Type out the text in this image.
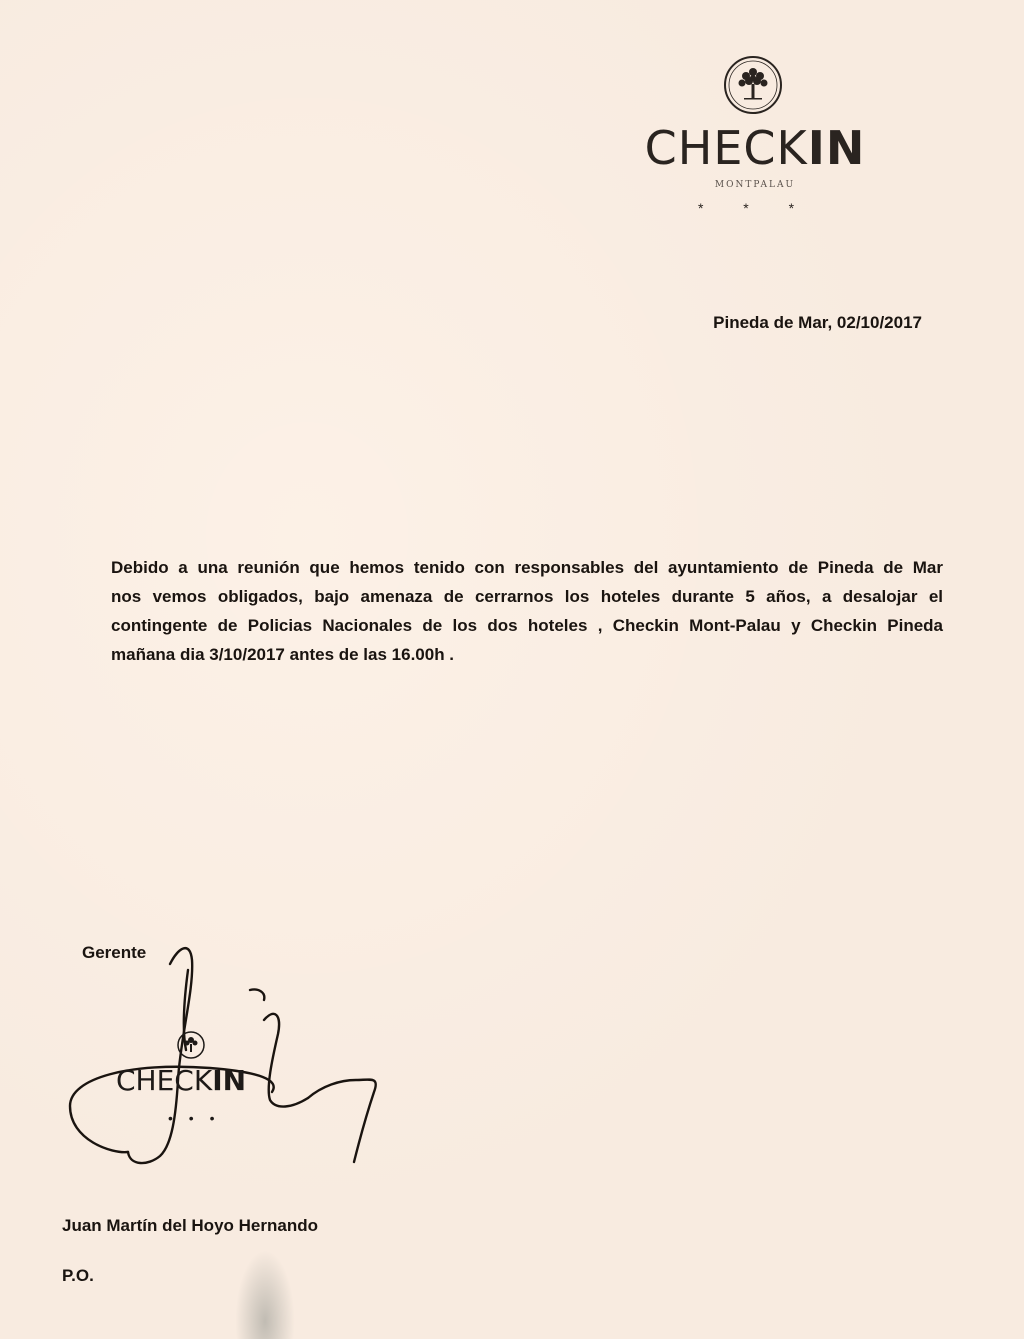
CHECKIN
MONTPALAU
* * *
Pineda de Mar, 02/10/2017
Debido a una reunión que hemos tenido con responsables del ayuntamiento de Pineda de Mar
nos vemos obligados, bajo amenaza de cerrarnos los hoteles durante 5 años, a desalojar el
contingente de Policias Nacionales de los dos hoteles , Checkin Mont-Palau y Checkin Pineda
mañana dia 3/10/2017 antes de las 16.00h .
Gerente
CHECKIN
• • •
Juan Martín del Hoyo Hernando
P.O.
